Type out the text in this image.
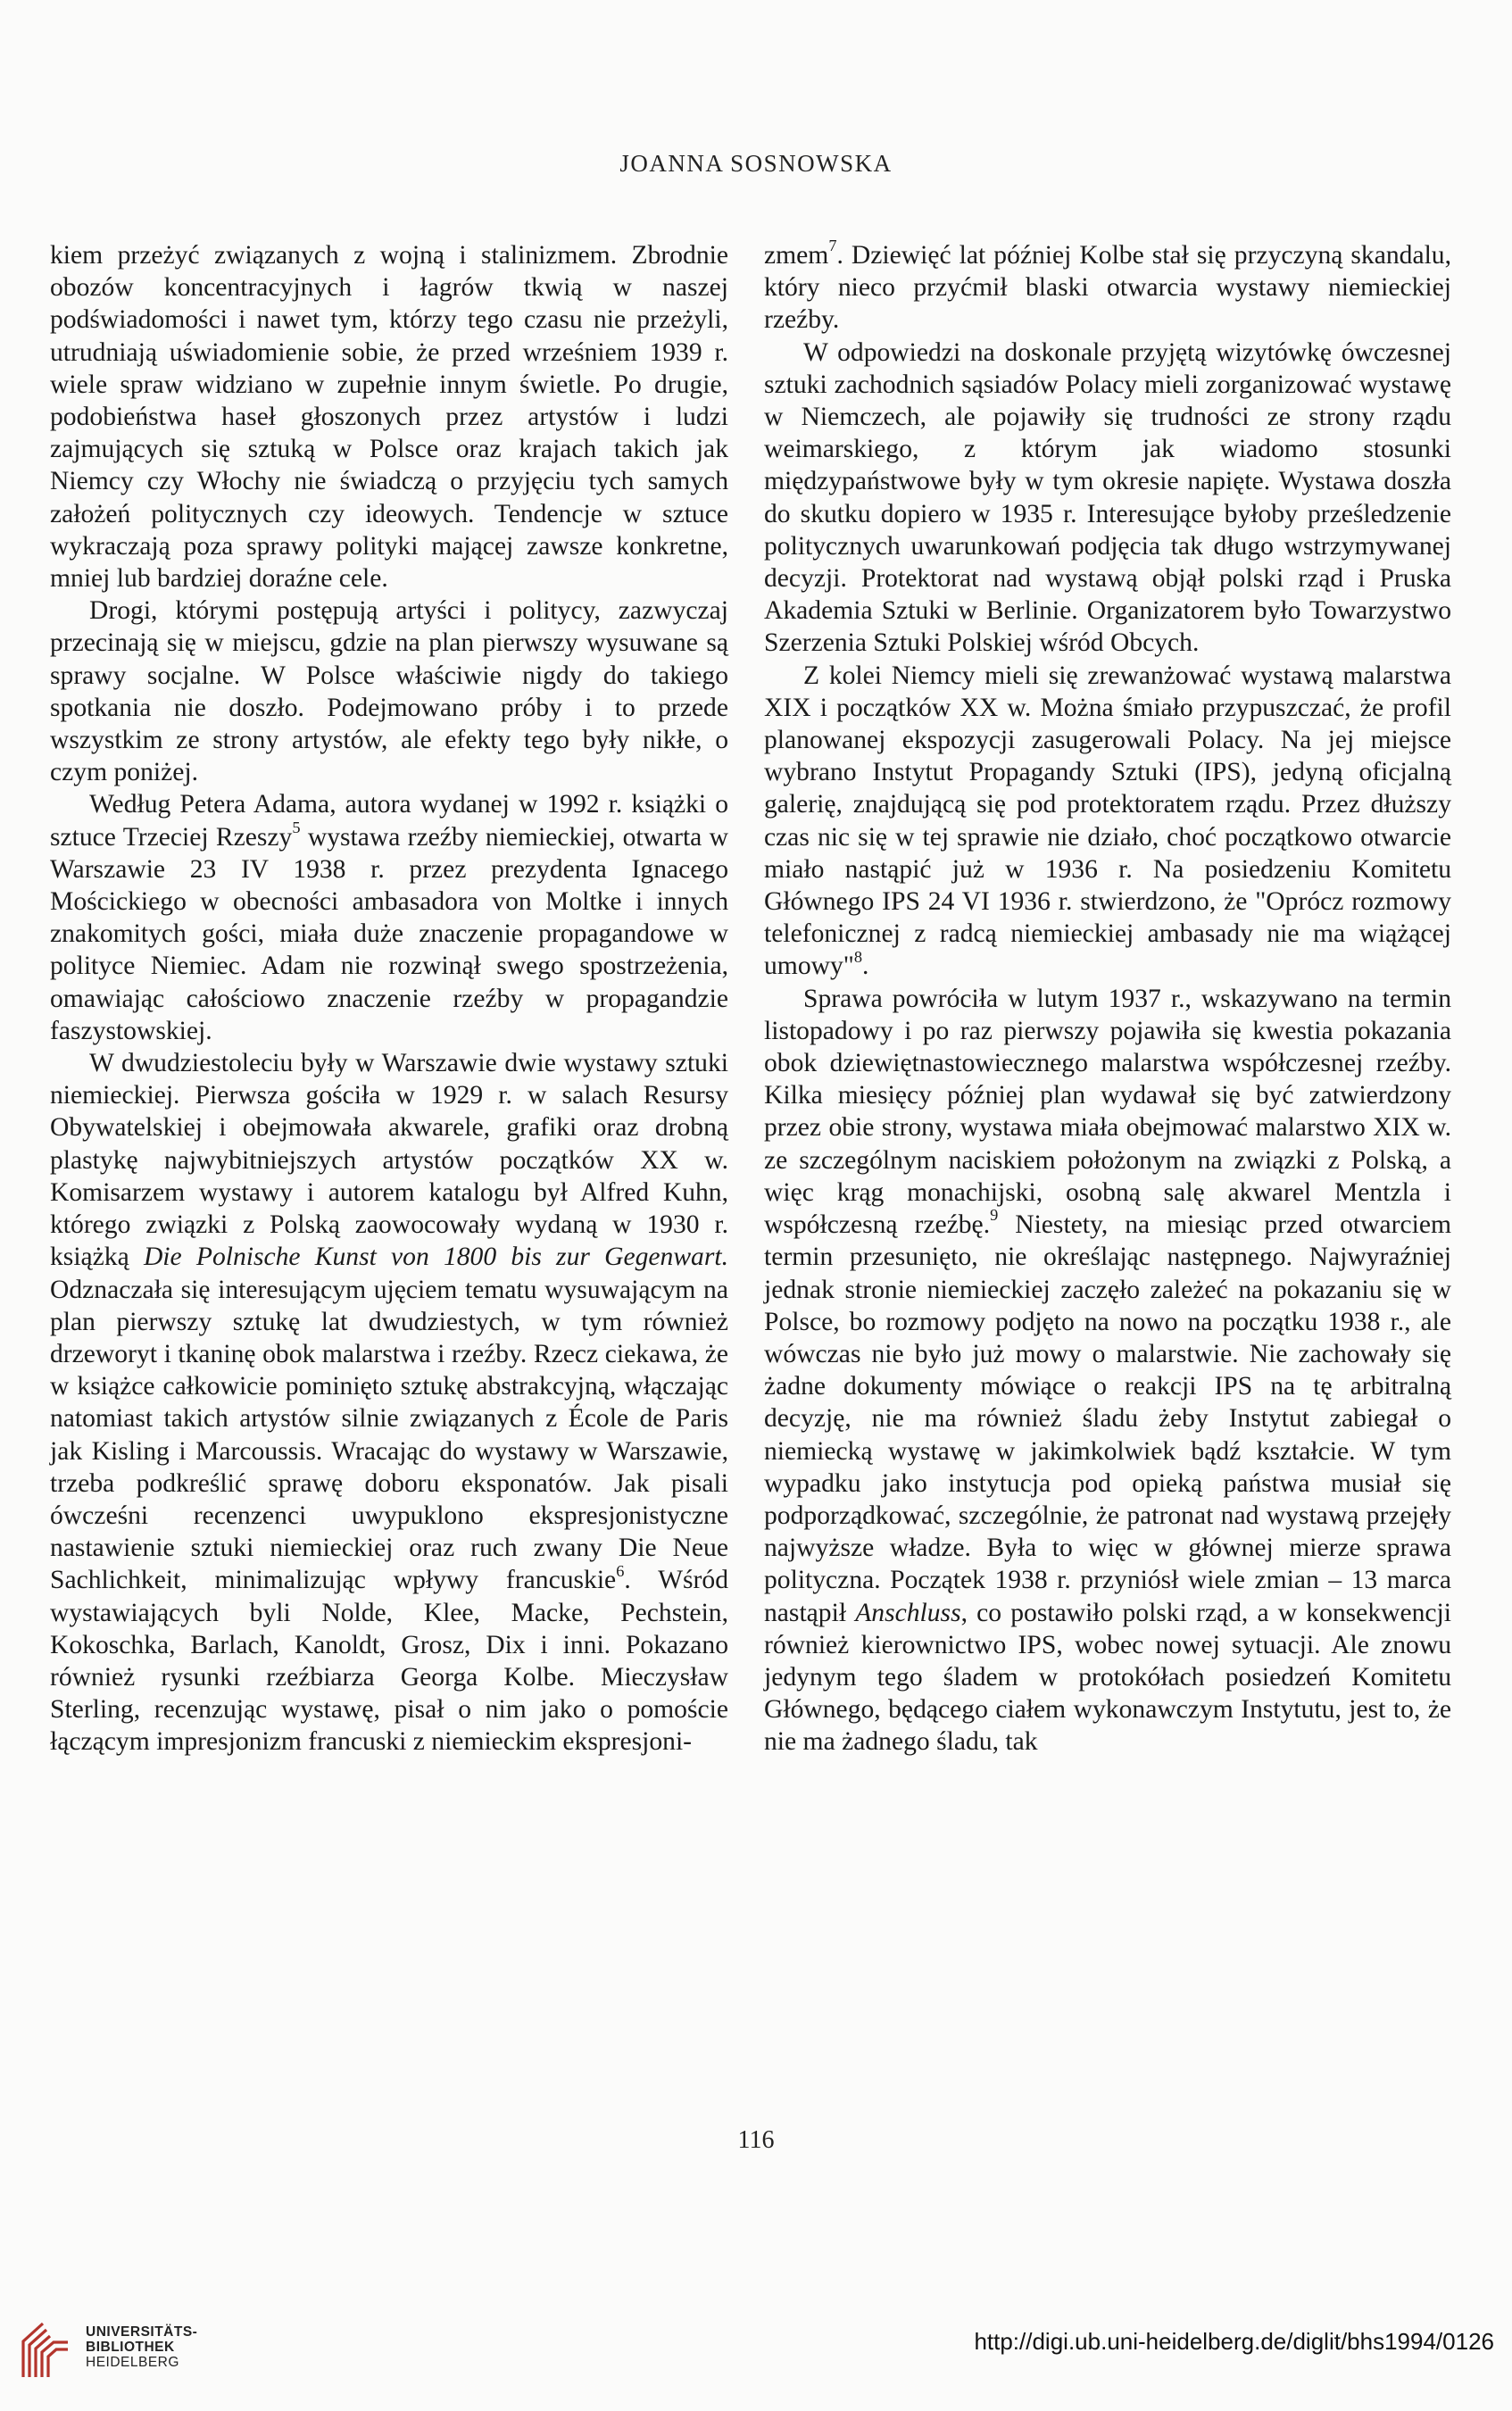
JOANNA SOSNOWSKA

kiem przeżyć związanych z wojną i stalinizmem. Zbrodnie obozów koncentracyjnych i łagrów tkwią w naszej podświadomości i nawet tym, którzy tego czasu nie przeżyli, utrudniają uświadomienie sobie, że przed wrześniem 1939 r. wiele spraw widziano w zupełnie innym świetle. Po drugie, podobieństwa haseł głoszonych przez artystów i ludzi zajmujących się sztuką w Polsce oraz krajach takich jak Niemcy czy Włochy nie świadczą o przyjęciu tych samych założeń politycznych czy ideowych. Tendencje w sztuce wykraczają poza sprawy polityki mającej zawsze konkretne, mniej lub bardziej doraźne cele.

Drogi, którymi postępują artyści i politycy, zazwyczaj przecinają się w miejscu, gdzie na plan pierwszy wysuwane są sprawy socjalne. W Polsce właściwie nigdy do takiego spotkania nie doszło. Podejmowano próby i to przede wszystkim ze strony artystów, ale efekty tego były nikłe, o czym poniżej.

Według Petera Adama, autora wydanej w 1992 r. książki o sztuce Trzeciej Rzeszy$^5$ wystawa rzeźby niemieckiej, otwarta w Warszawie 23 IV 1938 r. przez prezydenta Ignacego Mościckiego w obecności ambasadora von Moltke i innych znakomitych gości, miała duże znaczenie propagandowe w polityce Niemiec. Adam nie rozwinął swego spostrzeżenia, omawiając całościowo znaczenie rzeźby w propagandzie faszystowskiej.

W dwudziestoleciu były w Warszawie dwie wystawy sztuki niemieckiej. Pierwsza gościła w 1929 r. w salach Resursy Obywatelskiej i obejmowała akwarele, grafiki oraz drobną plastykę najwybitniejszych artystów początków XX w. Komisarzem wystawy i autorem katalogu był Alfred Kuhn, którego związki z Polską zaowocowały wydaną w 1930 r. książką Die Polnische Kunst von 1800 bis zur Gegenwart. Odznaczała się interesującym ujęciem tematu wysuwającym na plan pierwszy sztukę lat dwudziestych, w tym również drzeworyt i tkaninę obok malarstwa i rzeźby. Rzecz ciekawa, że w książce całkowicie pominięto sztukę abstrakcyjną, włączając natomiast takich artystów silnie związanych z École de Paris jak Kisling i Marcoussis. Wracając do wystawy w Warszawie, trzeba podkreślić sprawę doboru eksponatów. Jak pisali ówcześni recenzenci uwypuklono ekspresjonistyczne nastawienie sztuki niemieckiej oraz ruch zwany Die Neue Sachlichkeit, minimalizując wpływy francuskie$^6$. Wśród wystawiających byli Nolde, Klee, Macke, Pechstein, Kokoschka, Barlach, Kanoldt, Grosz, Dix i inni. Pokazano również rysunki rzeźbiarza Georga Kolbe. Mieczysław Sterling, recenzując wystawę, pisał o nim jako o pomoście łączącym impresjonizm francuski z niemieckim ekspresjoni-

zmem$^7$. Dziewięć lat później Kolbe stał się przyczyną skandalu, który nieco przyćmił blaski otwarcia wystawy niemieckiej rzeźby.

W odpowiedzi na doskonale przyjętą wizytówkę ówczesnej sztuki zachodnich sąsiadów Polacy mieli zorganizować wystawę w Niemczech, ale pojawiły się trudności ze strony rządu weimarskiego, z którym jak wiadomo stosunki międzypaństwowe były w tym okresie napięte. Wystawa doszła do skutku dopiero w 1935 r. Interesujące byłoby prześledzenie politycznych uwarunkowań podjęcia tak długo wstrzymywanej decyzji. Protektorat nad wystawą objął polski rząd i Pruska Akademia Sztuki w Berlinie. Organizatorem było Towarzystwo Szerzenia Sztuki Polskiej wśród Obcych.

Z kolei Niemcy mieli się zrewanżować wystawą malarstwa XIX i początków XX w. Można śmiało przypuszczać, że profil planowanej ekspozycji zasugerowali Polacy. Na jej miejsce wybrano Instytut Propagandy Sztuki (IPS), jedyną oficjalną galerię, znajdującą się pod protektoratem rządu. Przez dłuższy czas nic się w tej sprawie nie działo, choć początkowo otwarcie miało nastąpić już w 1936 r. Na posiedzeniu Komitetu Głównego IPS 24 VI 1936 r. stwierdzono, że "Oprócz rozmowy telefonicznej z radcą niemieckiej ambasady nie ma wiążącej umowy"$^8$.

Sprawa powróciła w lutym 1937 r., wskazywano na termin listopadowy i po raz pierwszy pojawiła się kwestia pokazania obok dziewiętnastowiecznego malarstwa współczesnej rzeźby. Kilka miesięcy później plan wydawał się być zatwierdzony przez obie strony, wystawa miała obejmować malarstwo XIX w. ze szczególnym naciskiem położonym na związki z Polską, a więc krąg monachijski, osobną salę akwarel Mentzla i współczesną rzeźbę.$^9$ Niestety, na miesiąc przed otwarciem termin przesunięto, nie określając następnego. Najwyraźniej jednak stronie niemieckiej zaczęło zależeć na pokazaniu się w Polsce, bo rozmowy podjęto na nowo na początku 1938 r., ale wówczas nie było już mowy o malarstwie. Nie zachowały się żadne dokumenty mówiące o reakcji IPS na tę arbitralną decyzję, nie ma również śladu żeby Instytut zabiegał o niemiecką wystawę w jakimkolwiek bądź kształcie. W tym wypadku jako instytucja pod opieką państwa musiał się podporządkować, szczególnie, że patronat nad wystawą przejęły najwyższe władze. Była to więc w głównej mierze sprawa polityczna. Początek 1938 r. przyniósł wiele zmian – 13 marca nastąpił Anschluss, co postawiło polski rząd, a w konsekwencji również kierownictwo IPS, wobec nowej sytuacji. Ale znowu jedynym tego śladem w protokółach posiedzeń Komitetu Głównego, będącego ciałem wykonawczym Instytutu, jest to, że nie ma żadnego śladu, tak

116
UNIVERSITÄTS-
BIBLIOTHEK
HEIDELBERG
http://digi.ub.uni-heidelberg.de/diglit/bhs1994/0126
